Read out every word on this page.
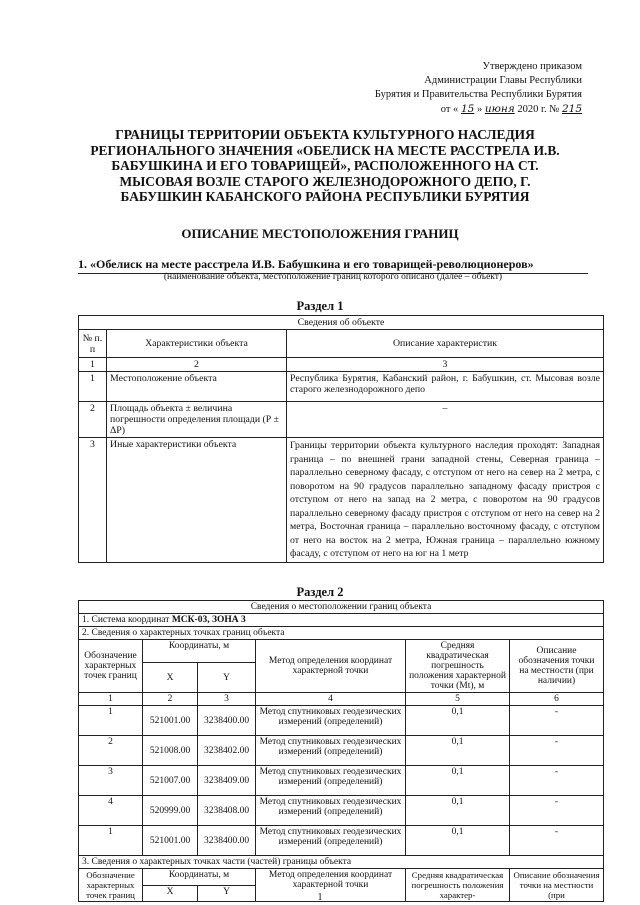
Утверждено приказом
Администрации Главы Республики
Бурятия и Правительства Республики Бурятия
от « 15 » июня 2020 г. № 215
ГРАНИЦЫ ТЕРРИТОРИИ ОБЪЕКТА КУЛЬТУРНОГО НАСЛЕДИЯ РЕГИОНАЛЬНОГО ЗНАЧЕНИЯ «ОБЕЛИСК НА МЕСТЕ РАССТРЕЛА И.В. БАБУШКИНА И ЕГО ТОВАРИЩЕЙ», РАСПОЛОЖЕННОГО НА СТ. МЫСОВАЯ ВОЗЛЕ СТАРОГО ЖЕЛЕЗНОДОРОЖНОГО ДЕПО, Г. БАБУШКИН КАБАНСКОГО РАЙОНА РЕСПУБЛИКИ БУРЯТИЯ
ОПИСАНИЕ МЕСТОПОЛОЖЕНИЯ ГРАНИЦ
1. «Обелиск на месте расстрела И.В. Бабушкина и его товарищей-революционеров»
(наименование объекта, местоположение границ которого описано (далее – объект)
Раздел 1
Сведения об объекте		
№ п. п	Характеристики объекта	Описание характеристик
1	2	3
1	Местоположение объекта	Республика Бурятия, Кабанский район, г. Бабушкин, ст. Мысовая возле старого железнодорожного депо
2	Площадь объекта ± величина погрешности определения площади (Р ± ΔР)	–
3	Иные характеристики объекта	Границы территории объекта культурного наследия проходят: Западная граница – по внешней грани западной стены, Северная граница – параллельно северному фасаду, с отступом от него на север на 2 метра, с поворотом на 90 градусов параллельно западному фасаду пристроя с отступом от него на запад на 2 метра, с поворотом на 90 градусов параллельно северному фасаду пристроя с отступом от него на север на 2 метра, Восточная граница – параллельно восточному фасаду, с отступом от него на восток на 2 метра, Южная граница – параллельно южному фасаду, с отступом от него на юг на 1 метр
Раздел 2
Сведения о местоположении границ объекта					
1. Система координат МСК-03, ЗОНА 3					
2. Сведения о характерных точках границ объекта					
Обозначение характерных точек границ	Координаты, м		Метод определения координат характерной точки	Средняя квадратическая погрешность положения характерной точки (Mt), м	Описание обозначения точки на местности (при наличии)
	X	Y			
1	2	3	4	5	6
1	521001.00	3238400.00	Метод спутниковых геодезических измерений (определений)	0,1	-
2	521008.00	3238402.00	Метод спутниковых геодезических измерений (определений)	0,1	-
3	521007.00	3238409.00	Метод спутниковых геодезических измерений (определений)	0,1	-
4	520999.00	3238408.00	Метод спутниковых геодезических измерений (определений)	0,1	-
1	521001.00	3238400.00	Метод спутниковых геодезических измерений (определений)	0,1	-
3. Сведения о характерных точках части (частей) границы объекта					
Обозначение характерных точек границ	Координаты, м		Метод определения координат характерной точки	Средняя квадратическая погрешность положения характер-	Описание обозначения точки на местности (при
	X	Y			
1
